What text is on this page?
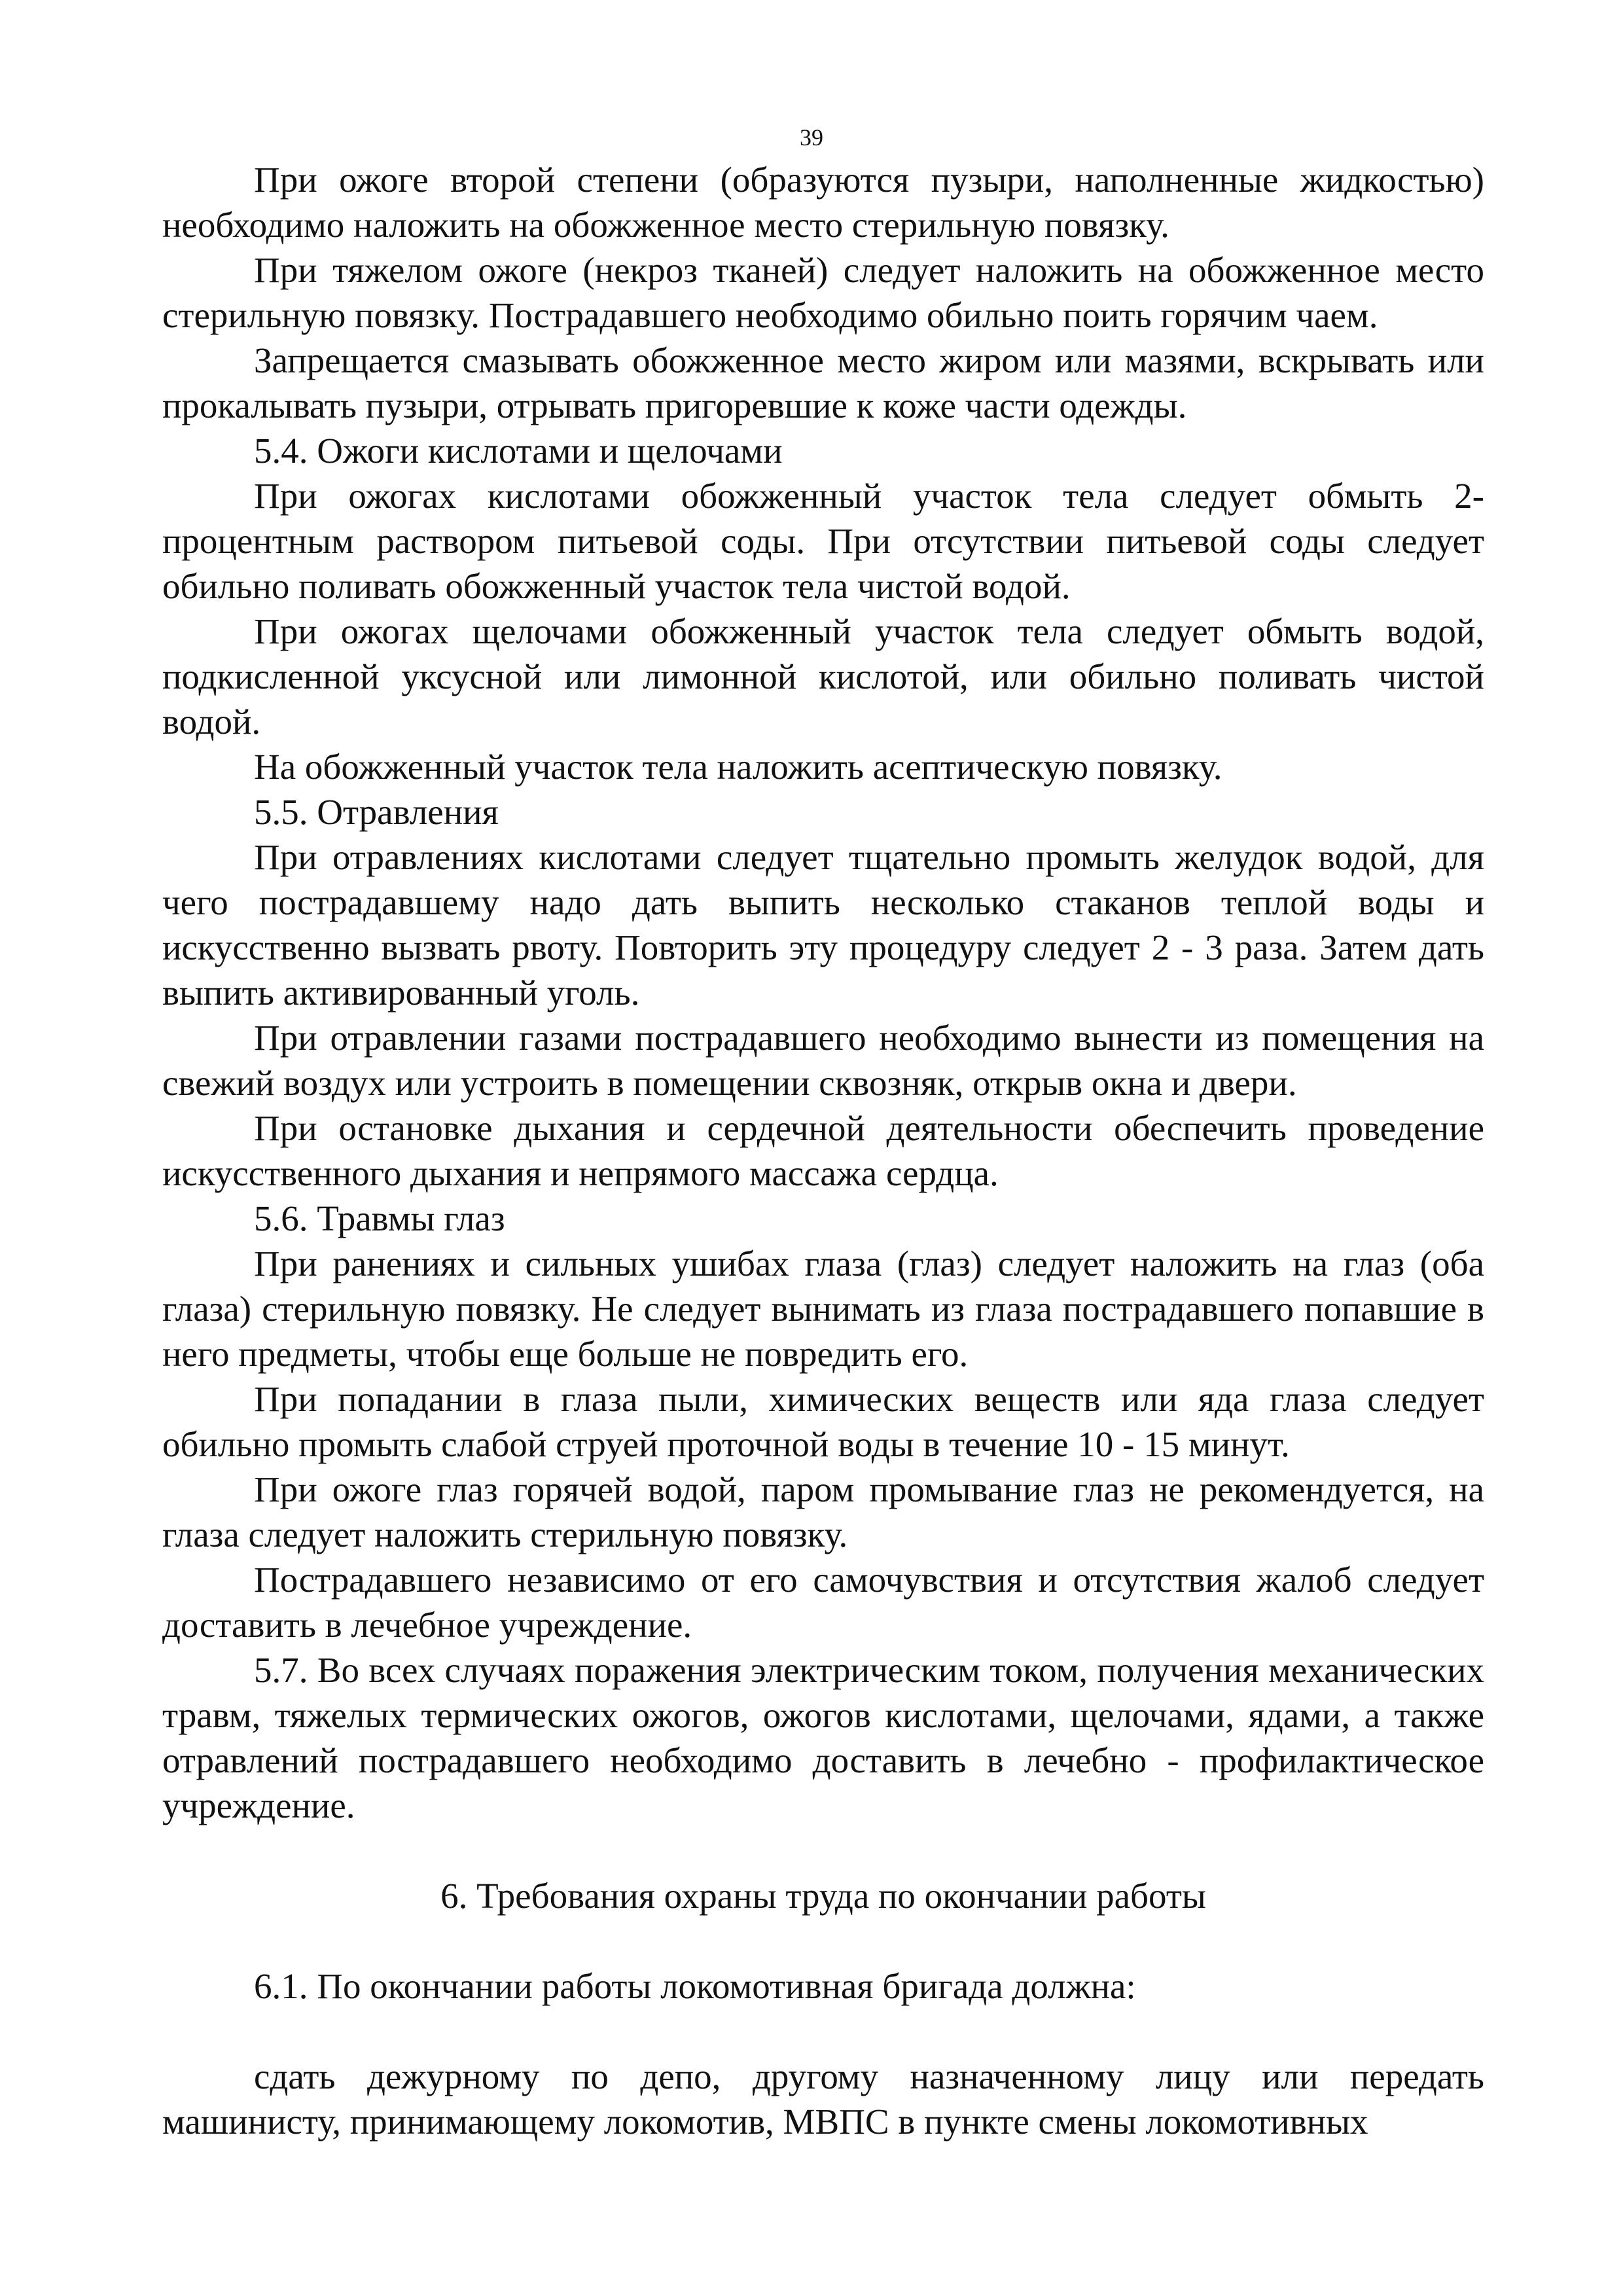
39

При ожоге второй степени (образуются пузыри, наполненные жидкостью) необходимо наложить на обожженное место стерильную повязку.

При тяжелом ожоге (некроз тканей) следует наложить на обожженное место стерильную повязку. Пострадавшего необходимо обильно поить горячим чаем.

Запрещается смазывать обожженное место жиром или мазями, вскрывать или прокалывать пузыри, отрывать пригоревшие к коже части одежды.

5.4. Ожоги кислотами и щелочами

При ожогах кислотами обожженный участок тела следует обмыть 2-процентным раствором питьевой соды. При отсутствии питьевой соды следует обильно поливать обожженный участок тела чистой водой.

При ожогах щелочами обожженный участок тела следует обмыть водой, подкисленной уксусной или лимонной кислотой, или обильно поливать чистой водой.

На обожженный участок тела наложить асептическую повязку.

5.5. Отравления

При отравлениях кислотами следует тщательно промыть желудок водой, для чего пострадавшему надо дать выпить несколько стаканов теплой воды и искусственно вызвать рвоту. Повторить эту процедуру следует 2 - 3 раза. Затем дать выпить активированный уголь.

При отравлении газами пострадавшего необходимо вынести из помещения на свежий воздух или устроить в помещении сквозняк, открыв окна и двери.

При остановке дыхания и сердечной деятельности обеспечить проведение искусственного дыхания и непрямого массажа сердца.

5.6. Травмы глаз

При ранениях и сильных ушибах глаза (глаз) следует наложить на глаз (оба глаза) стерильную повязку. Не следует вынимать из глаза пострадавшего попавшие в него предметы, чтобы еще больше не повредить его.

При попадании в глаза пыли, химических веществ или яда глаза следует обильно промыть слабой струей проточной воды в течение 10 - 15 минут.

При ожоге глаз горячей водой, паром промывание глаз не рекомендуется, на глаза следует наложить стерильную повязку.

Пострадавшего независимо от его самочувствия и отсутствия жалоб следует доставить в лечебное учреждение.

5.7. Во всех случаях поражения электрическим током, получения механических травм, тяжелых термических ожогов, ожогов кислотами, щелочами, ядами, а также отравлений пострадавшего необходимо доставить в лечебно - профилактическое учреждение.

6. Требования охраны труда по окончании работы

6.1. По окончании работы локомотивная бригада должна:

сдать дежурному по депо, другому назначенному лицу или передать машинисту, принимающему локомотив, МВПС в пункте смены локомотивных
